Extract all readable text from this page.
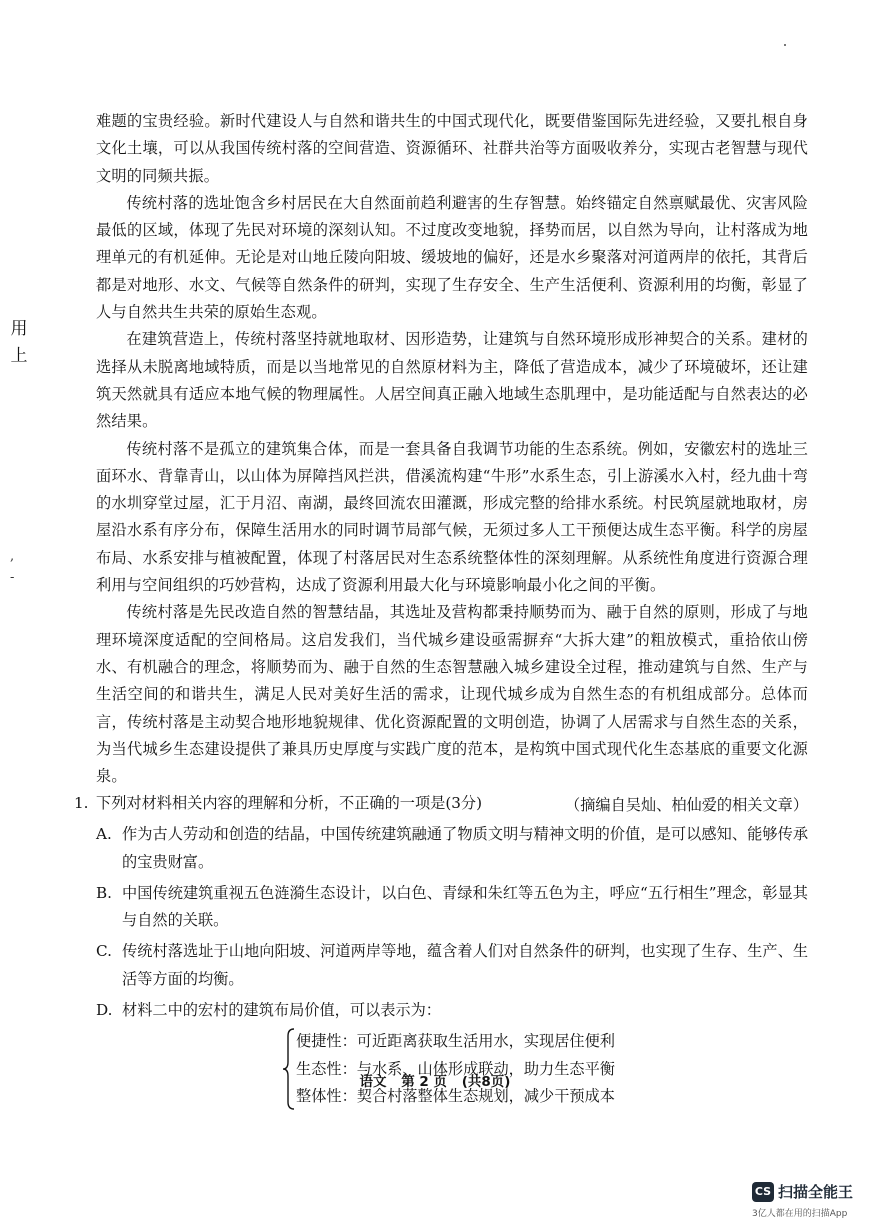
用
上
,
-

难题的宝贵经验。新时代建设人与自然和谐共生的中国式现代化，既要借鉴国际先进经验，又要扎根自身文化土壤，可以从我国传统村落的空间营造、资源循环、社群共治等方面吸收养分，实现古老智慧与现代文明的同频共振。

传统村落的选址饱含乡村居民在大自然面前趋利避害的生存智慧。始终锚定自然禀赋最优、灾害风险最低的区域，体现了先民对环境的深刻认知。不过度改变地貌，择势而居，以自然为导向，让村落成为地理单元的有机延伸。无论是对山地丘陵向阳坡、缓坡地的偏好，还是水乡聚落对河道两岸的依托，其背后都是对地形、水文、气候等自然条件的研判，实现了生存安全、生产生活便利、资源利用的均衡，彰显了人与自然共生共荣的原始生态观。

在建筑营造上，传统村落坚持就地取材、因形造势，让建筑与自然环境形成形神契合的关系。建材的选择从未脱离地域特质，而是以当地常见的自然原材料为主，降低了营造成本，减少了环境破坏，还让建筑天然就具有适应本地气候的物理属性。人居空间真正融入地域生态肌理中，是功能适配与自然表达的必然结果。

传统村落不是孤立的建筑集合体，而是一套具备自我调节功能的生态系统。例如，安徽宏村的选址三面环水、背靠青山，以山体为屏障挡风拦洪，借溪流构建“牛形”水系生态，引上游溪水入村，经九曲十弯的水圳穿堂过屋，汇于月沼、南湖，最终回流农田灌溉，形成完整的给排水系统。村民筑屋就地取材，房屋沿水系有序分布，保障生活用水的同时调节局部气候，无须过多人工干预便达成生态平衡。科学的房屋布局、水系安排与植被配置，体现了村落居民对生态系统整体性的深刻理解。从系统性角度进行资源合理利用与空间组织的巧妙营构，达成了资源利用最大化与环境影响最小化之间的平衡。

传统村落是先民改造自然的智慧结晶，其选址及营构都秉持顺势而为、融于自然的原则，形成了与地理环境深度适配的空间格局。这启发我们，当代城乡建设亟需摒弃“大拆大建”的粗放模式，重拾依山傍水、有机融合的理念，将顺势而为、融于自然的生态智慧融入城乡建设全过程，推动建筑与自然、生产与生活空间的和谐共生，满足人民对美好生活的需求，让现代城乡成为自然生态的有机组成部分。总体而言，传统村落是主动契合地形地貌规律、优化资源配置的文明创造，协调了人居需求与自然生态的关系，为当代城乡生态建设提供了兼具历史厚度与实践广度的范本，是构筑中国式现代化生态基底的重要文化源泉。

（摘编自吴灿、柏仙爱的相关文章）

1. 下列对材料相关内容的理解和分析，不正确的一项是(3分)
A. 作为古人劳动和创造的结晶，中国传统建筑融通了物质文明与精神文明的价值，是可以感知、能够传承的宝贵财富。
B. 中国传统建筑重视五色涟漪生态设计，以白色、青绿和朱红等五色为主，呼应“五行相生”理念，彰显其与自然的关联。
C. 传统村落选址于山地向阳坡、河道两岸等地，蕴含着人们对自然条件的研判，也实现了生存、生产、生活等方面的均衡。
D. 材料二中的宏村的建筑布局价值，可以表示为：
便捷性：可近距离获取生活用水，实现居住便利
生态性：与水系、山体形成联动，助力生态平衡
整体性：契合村落整体生态规划，减少干预成本
语文 第 2 页 (共8页)
CS 扫描全能王
3亿人都在用的扫描App
